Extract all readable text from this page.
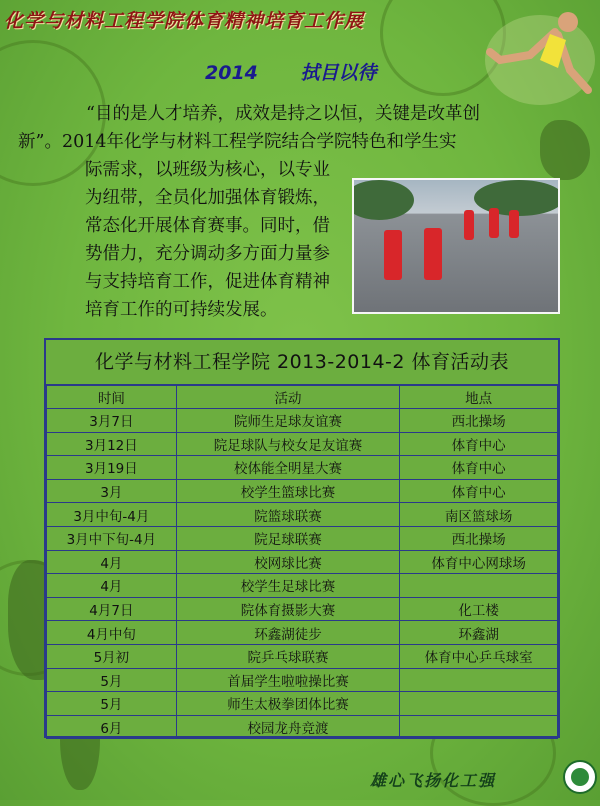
化学与材料工程学院体育精神培育工作展
2014 拭目以待

“目的是人才培养，成效是持之以恒，关键是改革创

新”。2014年化学与材料工程学院结合学院特色和学生实

际需求，以班级为核心，以专业
为纽带，全员化加强体育锻炼，
常态化开展体育赛事。同时，借
势借力，充分调动多方面力量参
与支持培育工作，促进体育精神
培育工作的可持续发展。
化学与材料工程学院 2013-2014-2 体育活动表
时间	活动	地点
3月7日	院师生足球友谊赛	西北操场
3月12日	院足球队与校女足友谊赛	体育中心
3月19日	校体能全明星大赛	体育中心
3月	校学生篮球比赛	体育中心
3月中旬-4月	院篮球联赛	南区篮球场
3月中下旬-4月	院足球联赛	西北操场
4月	校网球比赛	体育中心网球场
4月	校学生足球比赛	
4月7日	院体育摄影大赛	化工楼
4月中旬	环鑫湖徒步	环鑫湖
5月初	院乒乓球联赛	体育中心乒乓球室
5月	首届学生啦啦操比赛	
5月	师生太极拳团体比赛	
6月	校园龙舟竞渡	
雄心飞扬化工强
